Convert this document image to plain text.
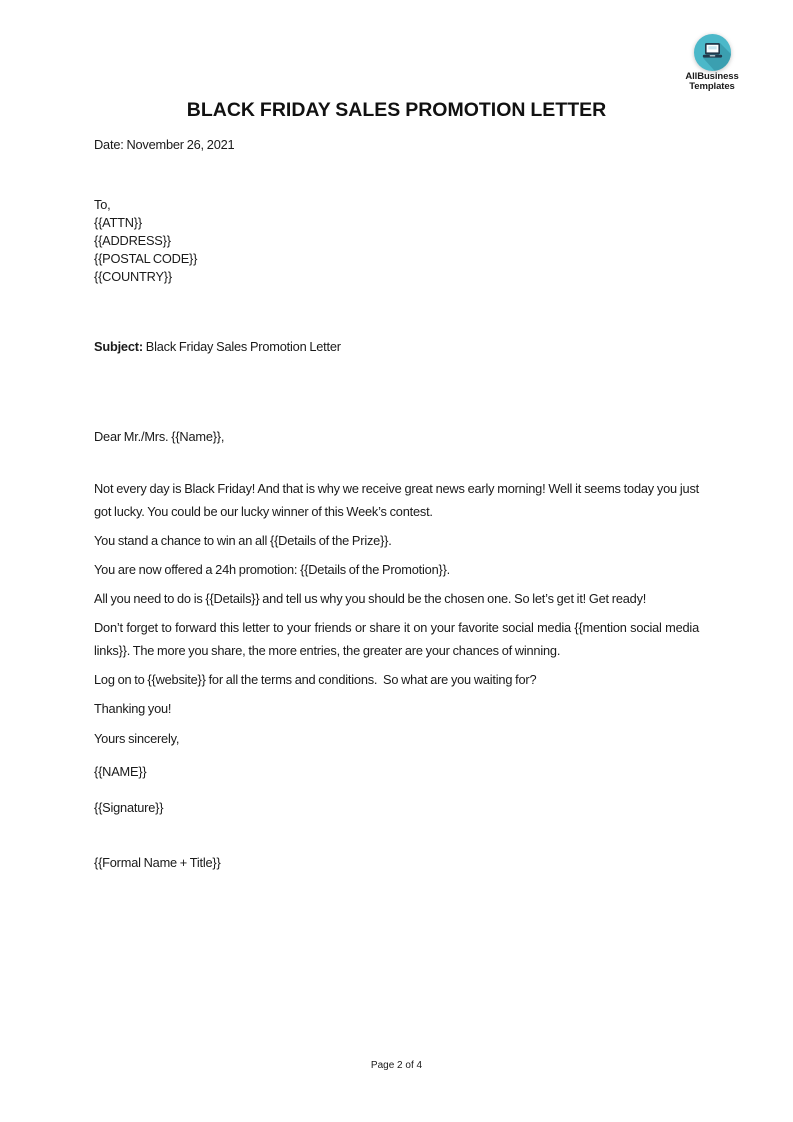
AllBusiness
Templates
BLACK FRIDAY SALES PROMOTION LETTER
Date: November 26, 2021
To,
{{ATTN}}
{{ADDRESS}}
{{POSTAL CODE}}
{{COUNTRY}}

Subject: Black Friday Sales Promotion Letter

Dear Mr./Mrs. {{Name}},

Not every day is Black Friday! And that is why we receive great news early morning! Well it seems today you just got lucky. You could be our lucky winner of this Week’s contest.

You stand a chance to win an all {{Details of the Prize}}.

You are now offered a 24h promotion: {{Details of the Promotion}}.

All you need to do is {{Details}} and tell us why you should be the chosen one. So let’s get it! Get ready!

Don’t forget to forward this letter to your friends or share it on your favorite social media {{mention social media links}}. The more you share, the more entries, the greater are your chances of winning.

Log on to {{website}} for all the terms and conditions.  So what are you waiting for?

Thanking you!

Yours sincerely,

{{NAME}}

{{Signature}}

{{Formal Name + Title}}

Page 2 of 4
